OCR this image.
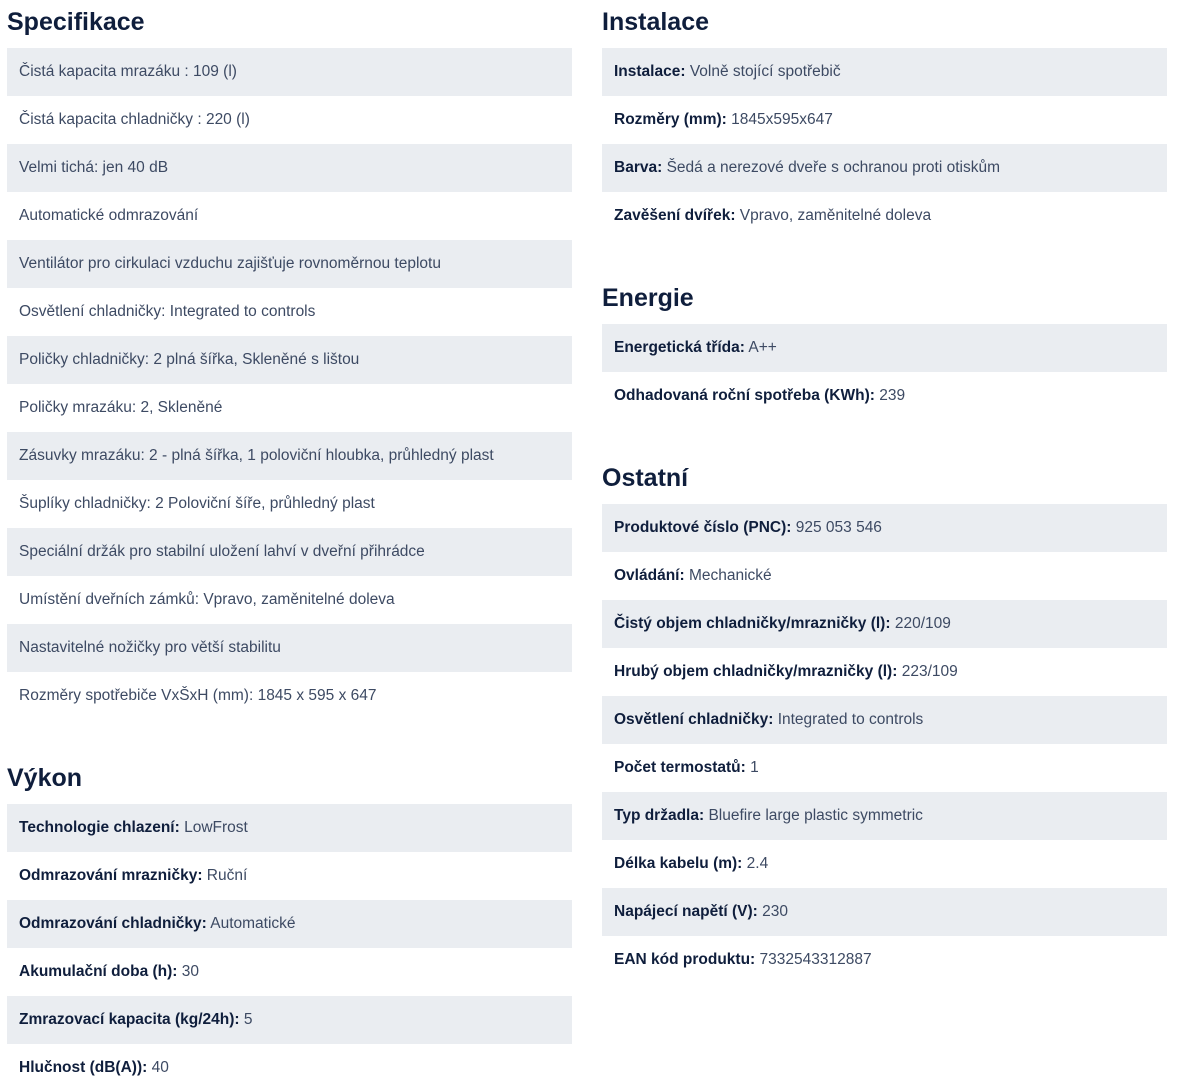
Specifikace
Čistá kapacita mrazáku : 109 (l)
Čistá kapacita chladničky : 220 (l)
Velmi tichá: jen 40 dB
Automatické odmrazování
Ventilátor pro cirkulaci vzduchu zajišťuje rovnoměrnou teplotu
Osvětlení chladničky: Integrated to controls
Poličky chladničky: 2 plná šířka, Skleněné s lištou
Poličky mrazáku: 2, Skleněné
Zásuvky mrazáku: 2 - plná šířka, 1 poloviční hloubka, průhledný plast
Šuplíky chladničky: 2 Poloviční šíře, průhledný plast
Speciální držák pro stabilní uložení lahví v dveřní přihrádce
Umístění dveřních zámků: Vpravo, zaměnitelné doleva
Nastavitelné nožičky pro větší stabilitu
Rozměry spotřebiče VxŠxH (mm): 1845 x 595 x 647
Výkon
Technologie chlazení: LowFrost
Odmrazování mrazničky: Ruční
Odmrazování chladničky: Automatické
Akumulační doba (h): 30
Zmrazovací kapacita (kg/24h): 5
Hlučnost (dB(A)): 40
Instalace
Instalace: Volně stojící spotřebič
Rozměry (mm): 1845x595x647
Barva: Šedá a nerezové dveře s ochranou proti otiskům
Zavěšení dvířek: Vpravo, zaměnitelné doleva
Energie
Energetická třída: A++
Odhadovaná roční spotřeba (KWh): 239
Ostatní
Produktové číslo (PNC): 925 053 546
Ovládání: Mechanické
Čistý objem chladničky/mrazničky (l): 220/109
Hrubý objem chladničky/mrazničky (l): 223/109
Osvětlení chladničky: Integrated to controls
Počet termostatů: 1
Typ držadla: Bluefire large plastic symmetric
Délka kabelu (m): 2.4
Napájecí napětí (V): 230
EAN kód produktu: 7332543312887
